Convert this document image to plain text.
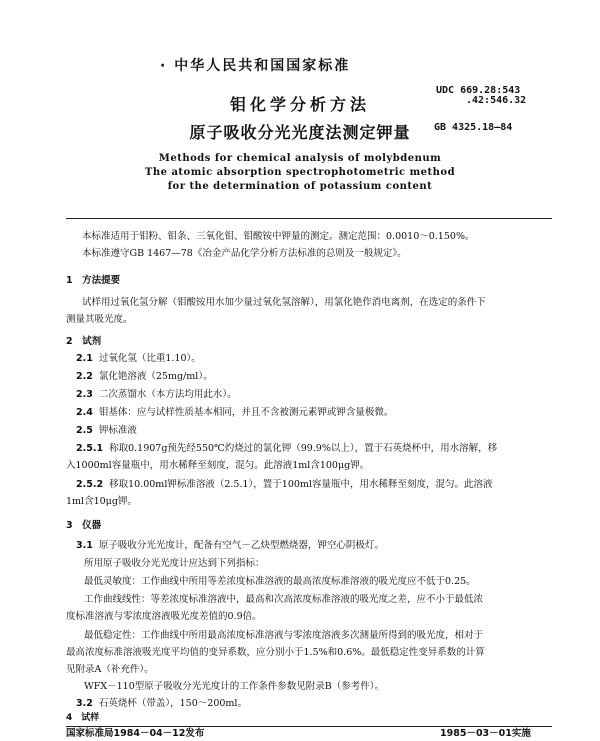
· 中华人民共和国国家标准
UDC 669.28:543
.42:546.32
GB 4325.18—84
钼化学分析方法
原子吸收分光光度法测定钾量
Methods for chemical analysis of molybdenum
The atomic absorption spectrophotometric method
for the determination of potassium content
本标准适用于钼粉、钼条、三氧化钼、钼酸铵中钾量的测定。测定范围：0.0010～0.150%。
本标准遵守GB 1467—78《冶金产品化学分析方法标准的总则及一般规定》。
1　方法提要
试样用过氧化氢分解（钼酸铵用水加少量过氧化氢溶解），用氯化铯作消电离剂，在选定的条件下
测量其吸光度。
2　试剂
2.1 过氧化氢（比重1.10）。
2.2 氯化铯溶液（25mg/ml）。
2.3 二次蒸馏水（本方法均用此水）。
2.4 钼基体：应与试样性质基本相同，并且不含被测元素钾或钾含量极微。
2.5 钾标准液
2.5.1 称取0.1907g预先经550℃灼烧过的氯化钾（99.9%以上），置于石英烧杯中，用水溶解，移
入1000ml容量瓶中，用水稀释至刻度，混匀。此溶液1ml含100μg钾。
2.5.2 移取10.00ml钾标准溶液（2.5.1），置于100ml容量瓶中，用水稀释至刻度，混匀。此溶液
1ml含10μg钾。
3　仪器
3.1 原子吸收分光光度计，配备有空气－乙炔型燃烧器，钾空心阴极灯。
所用原子吸收分光光度计应达到下列指标：
最低灵敏度：工作曲线中所用等差浓度标准溶液的最高浓度标准溶液的吸光度应不低于0.25。
工作曲线线性：等差浓度标准溶液中，最高和次高浓度标准溶液的吸光度之差，应不小于最低浓
度标准溶液与零浓度溶液吸光度差值的0.9倍。
最低稳定性：工作曲线中所用最高浓度标准溶液与零浓度溶液多次测量所得到的吸光度，相对于
最高浓度标准溶液吸光度平均值的变异系数，应分别小于1.5%和0.6%。最低稳定性变异系数的计算
见附录A（补充件）。
WFX－110型原子吸收分光光度计的工作条件参数见附录B（参考件）。
3.2 石英烧杯（带盖），150～200ml。
4　试样
国家标准局1984－04－12发布	1985－03－01实施
